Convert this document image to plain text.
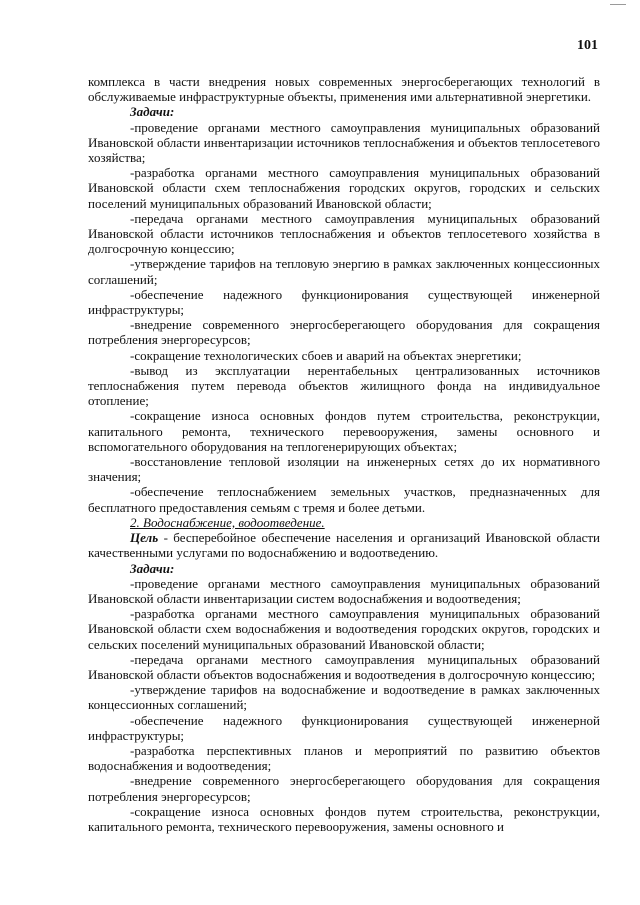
101

комплекса в части внедрения новых современных энергосберегающих технологий в обслуживаемые инфраструктурные объекты, применения ими альтернативной энергетики.

Задачи:

-проведение органами местного самоуправления муниципальных образований Ивановской области инвентаризации источников теплоснабжения и объектов теплосетевого хозяйства;

-разработка органами местного самоуправления муниципальных образований Ивановской области схем теплоснабжения городских округов, городских и сельских поселений муниципальных образований Ивановской области;

-передача органами местного самоуправления муниципальных образований Ивановской области источников теплоснабжения и объектов теплосетевого хозяйства в долгосрочную концессию;

-утверждение тарифов на тепловую энергию в рамках заключенных концессионных соглашений;

-обеспечение надежного функционирования существующей инженерной инфраструктуры;

-внедрение современного энергосберегающего оборудования для сокращения потребления энергоресурсов;

-сокращение технологических сбоев и аварий на объектах энергетики;

-вывод из эксплуатации нерентабельных централизованных источников теплоснабжения путем перевода объектов жилищного фонда на индивидуальное отопление;

-сокращение износа основных фондов путем строительства, реконструкции, капитального ремонта, технического перевооружения, замены основного и вспомогательного оборудования на теплогенерирующих объектах;

-восстановление тепловой изоляции на инженерных сетях до их нормативного значения;

-обеспечение теплоснабжением земельных участков, предназначенных для бесплатного предоставления семьям с тремя и более детьми.

2. Водоснабжение, водоотведение.

Цель - бесперебойное обеспечение населения и организаций Ивановской области качественными услугами по водоснабжению и водоотведению.

Задачи:

-проведение органами местного самоуправления муниципальных образований Ивановской области инвентаризации систем водоснабжения и водоотведения;

-разработка органами местного самоуправления муниципальных образований Ивановской области схем водоснабжения и водоотведения городских округов, городских и сельских поселений муниципальных образований Ивановской области;

-передача органами местного самоуправления муниципальных образований Ивановской области объектов водоснабжения и водоотведения в долгосрочную концессию;

-утверждение тарифов на водоснабжение и водоотведение в рамках заключенных концессионных соглашений;

-обеспечение надежного функционирования существующей инженерной инфраструктуры;

-разработка перспективных планов и мероприятий по развитию объектов водоснабжения и водоотведения;

-внедрение современного энергосберегающего оборудования для сокращения потребления энергоресурсов;

-сокращение износа основных фондов путем строительства, реконструкции, капитального ремонта, технического перевооружения, замены основного и
